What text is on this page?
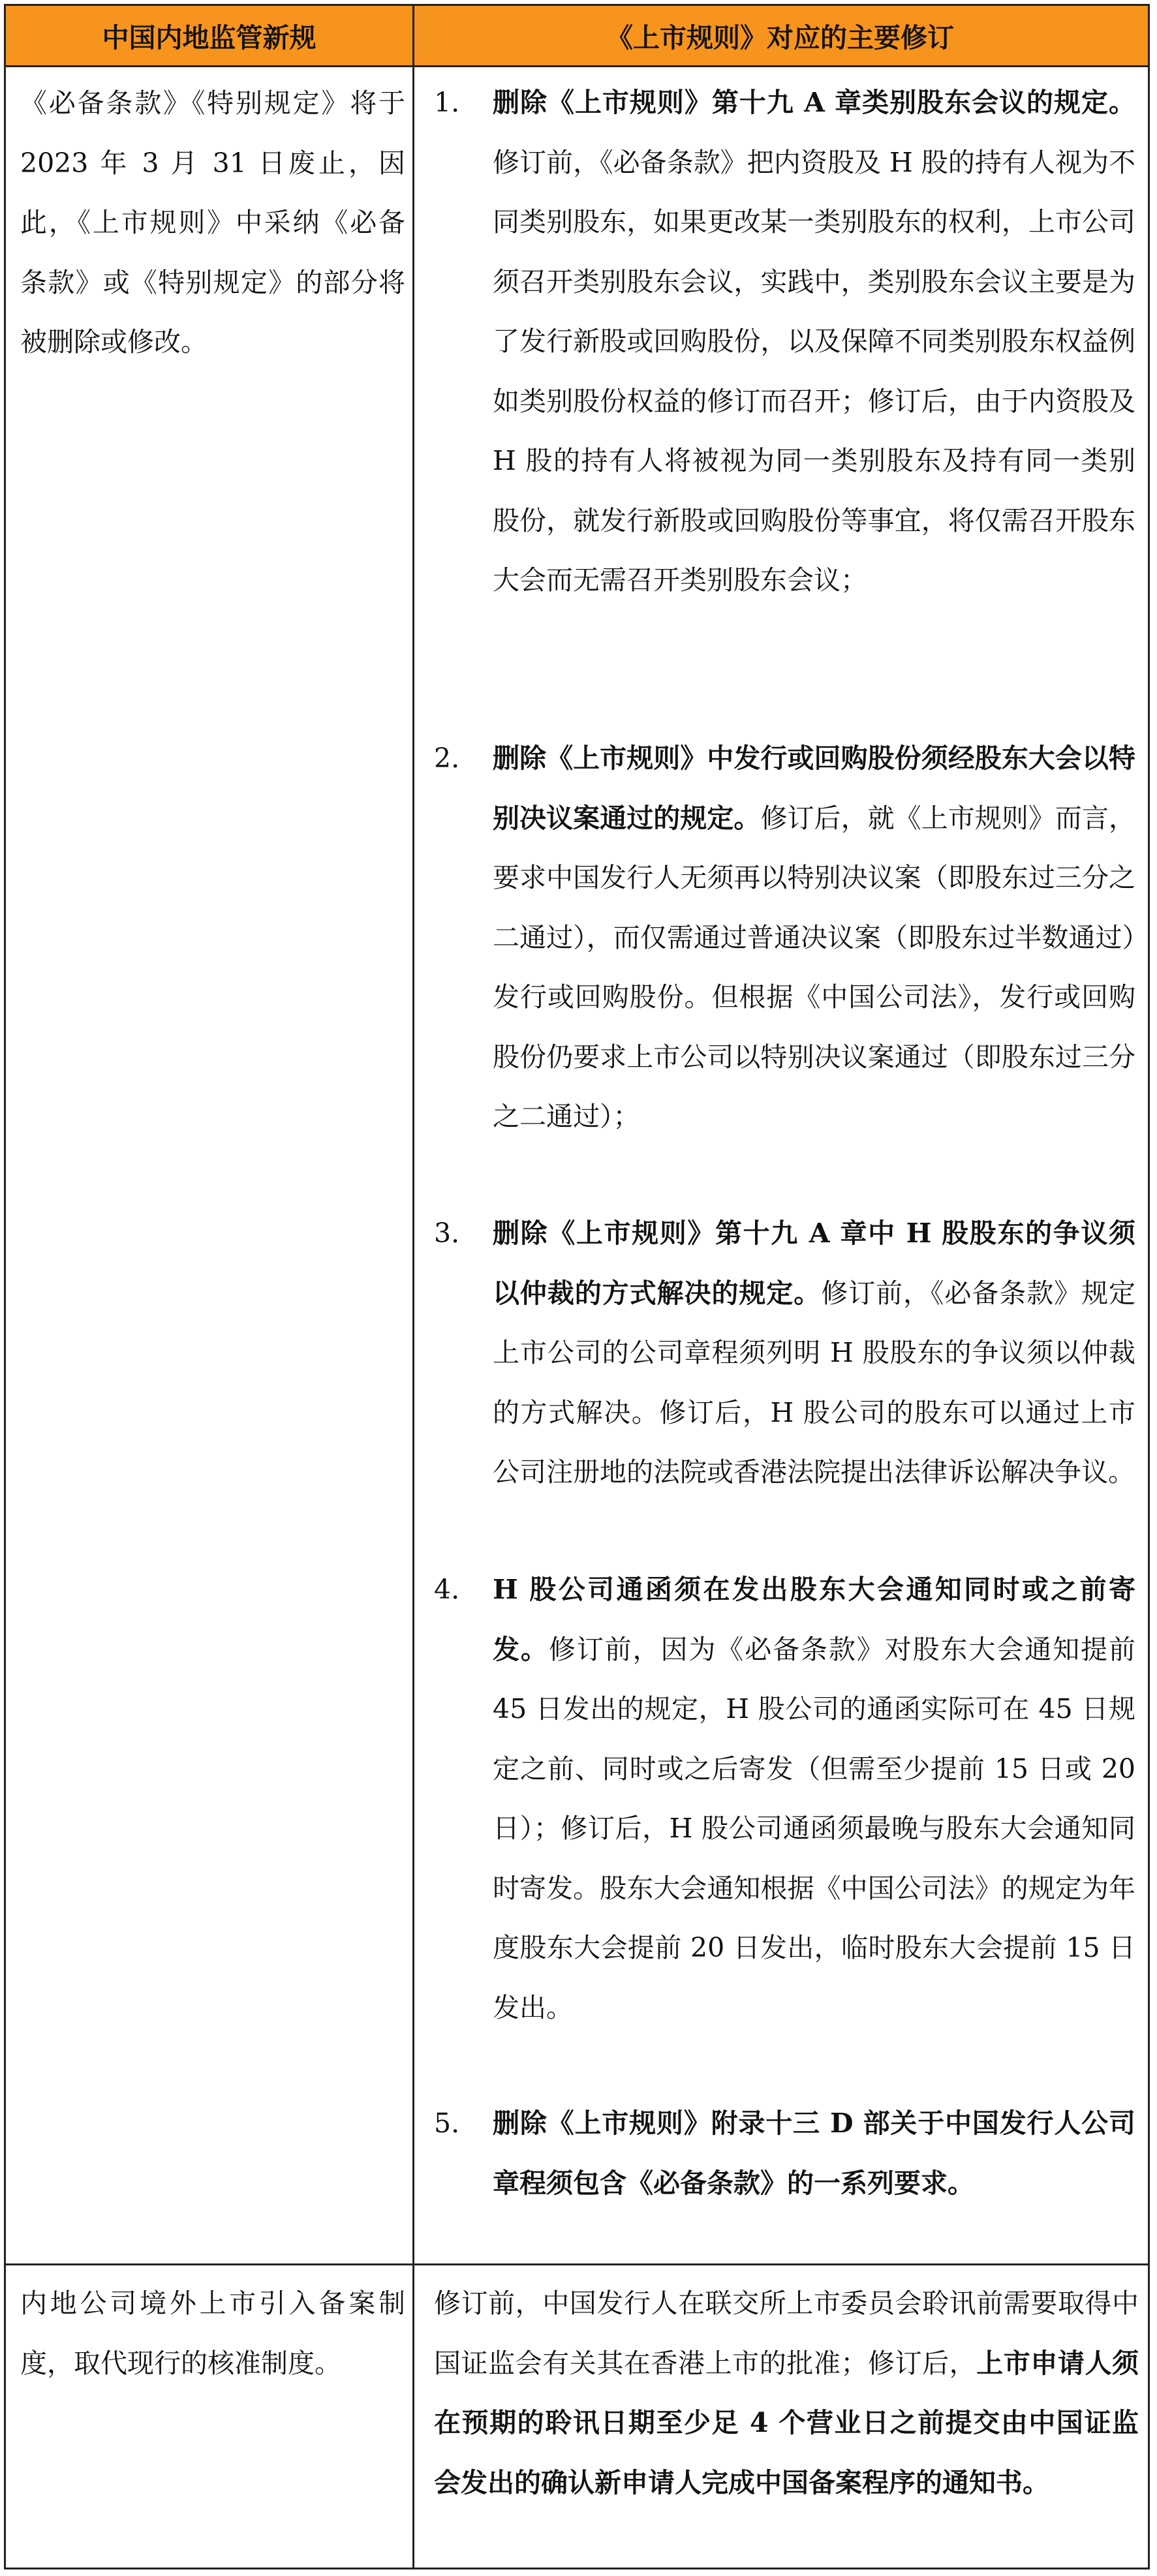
中国内地监管新规	《上市规则》对应的主要修订
《必备条款》《特别规定》将于 2023 年 3 月 31 日废止，因此，《上市规则》中采纳《必备条款》或《特别规定》的部分将被删除或修改。
1. 删除《上市规则》第十九 A 章类别股东会议的规定。修订前，《必备条款》把内资股及 H 股的持有人视为不同类别股东，如果更改某一类别股东的权利，上市公司须召开类别股东会议，实践中，类别股东会议主要是为了发行新股或回购股份，以及保障不同类别股东权益例如类别股份权益的修订而召开；修订后，由于内资股及 H 股的持有人将被视为同一类别股东及持有同一类别股份，就发行新股或回购股份等事宜，将仅需召开股东大会而无需召开类别股东会议；
2. 删除《上市规则》中发行或回购股份须经股东大会以特别决议案通过的规定。修订后，就《上市规则》而言，要求中国发行人无须再以特别决议案（即股东过三分之二通过），而仅需通过普通决议案（即股东过半数通过）发行或回购股份。但根据《中国公司法》，发行或回购股份仍要求上市公司以特别决议案通过（即股东过三分之二通过）；
3. 删除《上市规则》第十九 A 章中 H 股股东的争议须以仲裁的方式解决的规定。修订前，《必备条款》规定上市公司的公司章程须列明 H 股股东的争议须以仲裁的方式解决。修订后，H 股公司的股东可以通过上市公司注册地的法院或香港法院提出法律诉讼解决争议。
4. H 股公司通函须在发出股东大会通知同时或之前寄发。修订前，因为《必备条款》对股东大会通知提前 45 日发出的规定，H 股公司的通函实际可在 45 日规定之前、同时或之后寄发（但需至少提前 15 日或 20 日）；修订后，H 股公司通函须最晚与股东大会通知同时寄发。股东大会通知根据《中国公司法》的规定为年度股东大会提前 20 日发出，临时股东大会提前 15 日发出。
5. 删除《上市规则》附录十三 D 部关于中国发行人公司章程须包含《必备条款》的一系列要求。
内地公司境外上市引入备案制度，取代现行的核准制度。
修订前，中国发行人在联交所上市委员会聆讯前需要取得中国证监会有关其在香港上市的批准；修订后，上市申请人须在预期的聆讯日期至少足 4 个营业日之前提交由中国证监会发出的确认新申请人完成中国备案程序的通知书。
